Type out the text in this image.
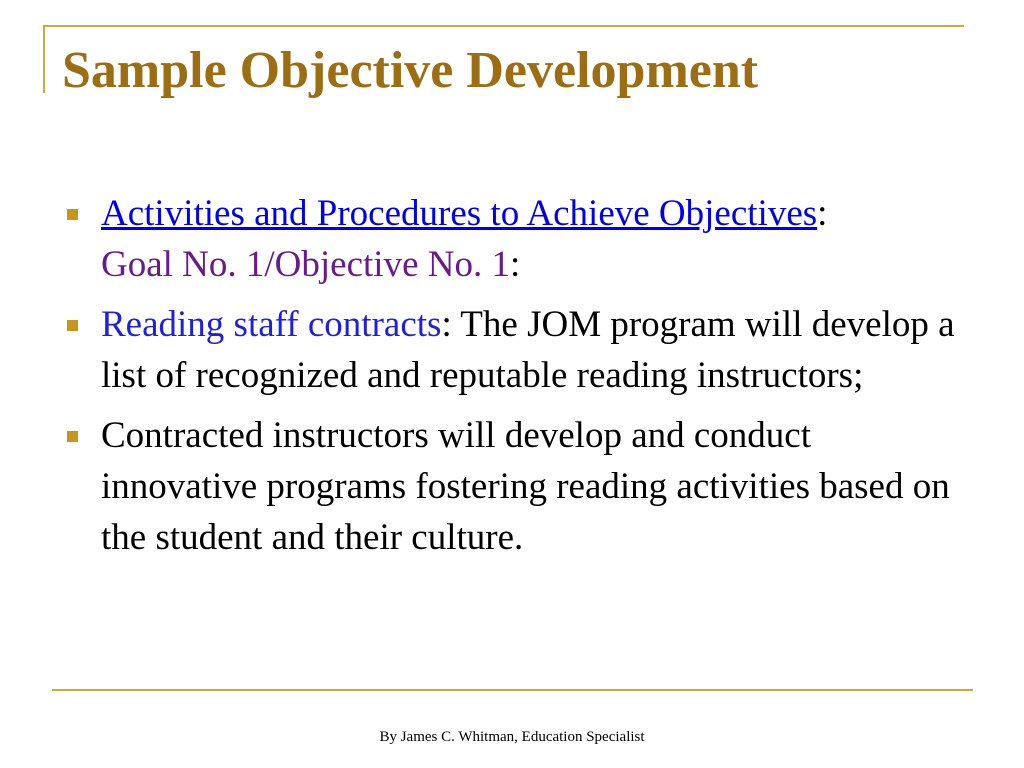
Sample Objective Development
Activities and Procedures to Achieve Objectives:
Goal No. 1/Objective No. 1:
Reading staff contracts: The JOM program will develop a list of recognized and reputable reading instructors;
Contracted instructors will develop and conduct innovative programs fostering reading activities based on the student and their culture.
By James C. Whitman, Education Specialist
